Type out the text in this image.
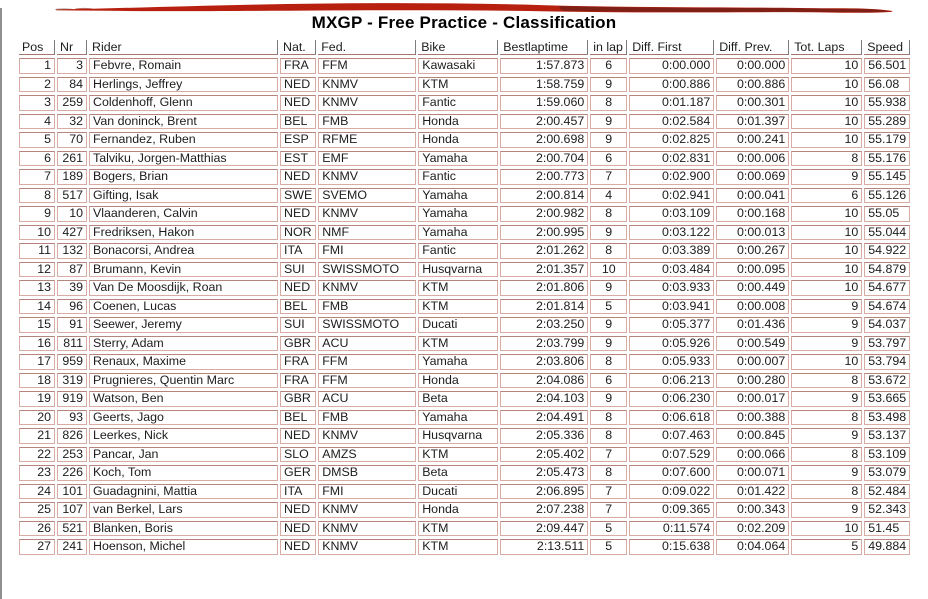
MXGP - Free Practice - Classification
Pos	Nr	Rider	Nat.	Fed.	Bike	Bestlaptime	in lap	Diff. First	Diff. Prev.	Tot. Laps	Speed
1	3	Febvre, Romain	FRA	FFM	Kawasaki	1:57.873	6	0:00.000	0:00.000	10	56.501
2	84	Herlings, Jeffrey	NED	KNMV	KTM	1:58.759	9	0:00.886	0:00.886	10	56.08
3	259	Coldenhoff, Glenn	NED	KNMV	Fantic	1:59.060	8	0:01.187	0:00.301	10	55.938
4	32	Van doninck, Brent	BEL	FMB	Honda	2:00.457	9	0:02.584	0:01.397	10	55.289
5	70	Fernandez, Ruben	ESP	RFME	Honda	2:00.698	9	0:02.825	0:00.241	10	55.179
6	261	Talviku, Jorgen-Matthias	EST	EMF	Yamaha	2:00.704	6	0:02.831	0:00.006	8	55.176
7	189	Bogers, Brian	NED	KNMV	Fantic	2:00.773	7	0:02.900	0:00.069	9	55.145
8	517	Gifting, Isak	SWE	SVEMO	Yamaha	2:00.814	4	0:02.941	0:00.041	6	55.126
9	10	Vlaanderen, Calvin	NED	KNMV	Yamaha	2:00.982	8	0:03.109	0:00.168	10	55.05
10	427	Fredriksen, Hakon	NOR	NMF	Yamaha	2:00.995	9	0:03.122	0:00.013	10	55.044
11	132	Bonacorsi, Andrea	ITA	FMI	Fantic	2:01.262	8	0:03.389	0:00.267	10	54.922
12	87	Brumann, Kevin	SUI	SWISSMOTO	Husqvarna	2:01.357	10	0:03.484	0:00.095	10	54.879
13	39	Van De Moosdijk, Roan	NED	KNMV	KTM	2:01.806	9	0:03.933	0:00.449	10	54.677
14	96	Coenen, Lucas	BEL	FMB	KTM	2:01.814	5	0:03.941	0:00.008	9	54.674
15	91	Seewer, Jeremy	SUI	SWISSMOTO	Ducati	2:03.250	9	0:05.377	0:01.436	9	54.037
16	811	Sterry, Adam	GBR	ACU	KTM	2:03.799	9	0:05.926	0:00.549	9	53.797
17	959	Renaux, Maxime	FRA	FFM	Yamaha	2:03.806	8	0:05.933	0:00.007	10	53.794
18	319	Prugnieres, Quentin Marc	FRA	FFM	Honda	2:04.086	6	0:06.213	0:00.280	8	53.672
19	919	Watson, Ben	GBR	ACU	Beta	2:04.103	9	0:06.230	0:00.017	9	53.665
20	93	Geerts, Jago	BEL	FMB	Yamaha	2:04.491	8	0:06.618	0:00.388	8	53.498
21	826	Leerkes, Nick	NED	KNMV	Husqvarna	2:05.336	8	0:07.463	0:00.845	9	53.137
22	253	Pancar, Jan	SLO	AMZS	KTM	2:05.402	7	0:07.529	0:00.066	8	53.109
23	226	Koch, Tom	GER	DMSB	Beta	2:05.473	8	0:07.600	0:00.071	9	53.079
24	101	Guadagnini, Mattia	ITA	FMI	Ducati	2:06.895	7	0:09.022	0:01.422	8	52.484
25	107	van Berkel, Lars	NED	KNMV	Honda	2:07.238	7	0:09.365	0:00.343	9	52.343
26	521	Blanken, Boris	NED	KNMV	KTM	2:09.447	5	0:11.574	0:02.209	10	51.45
27	241	Hoenson, Michel	NED	KNMV	KTM	2:13.511	5	0:15.638	0:04.064	5	49.884
